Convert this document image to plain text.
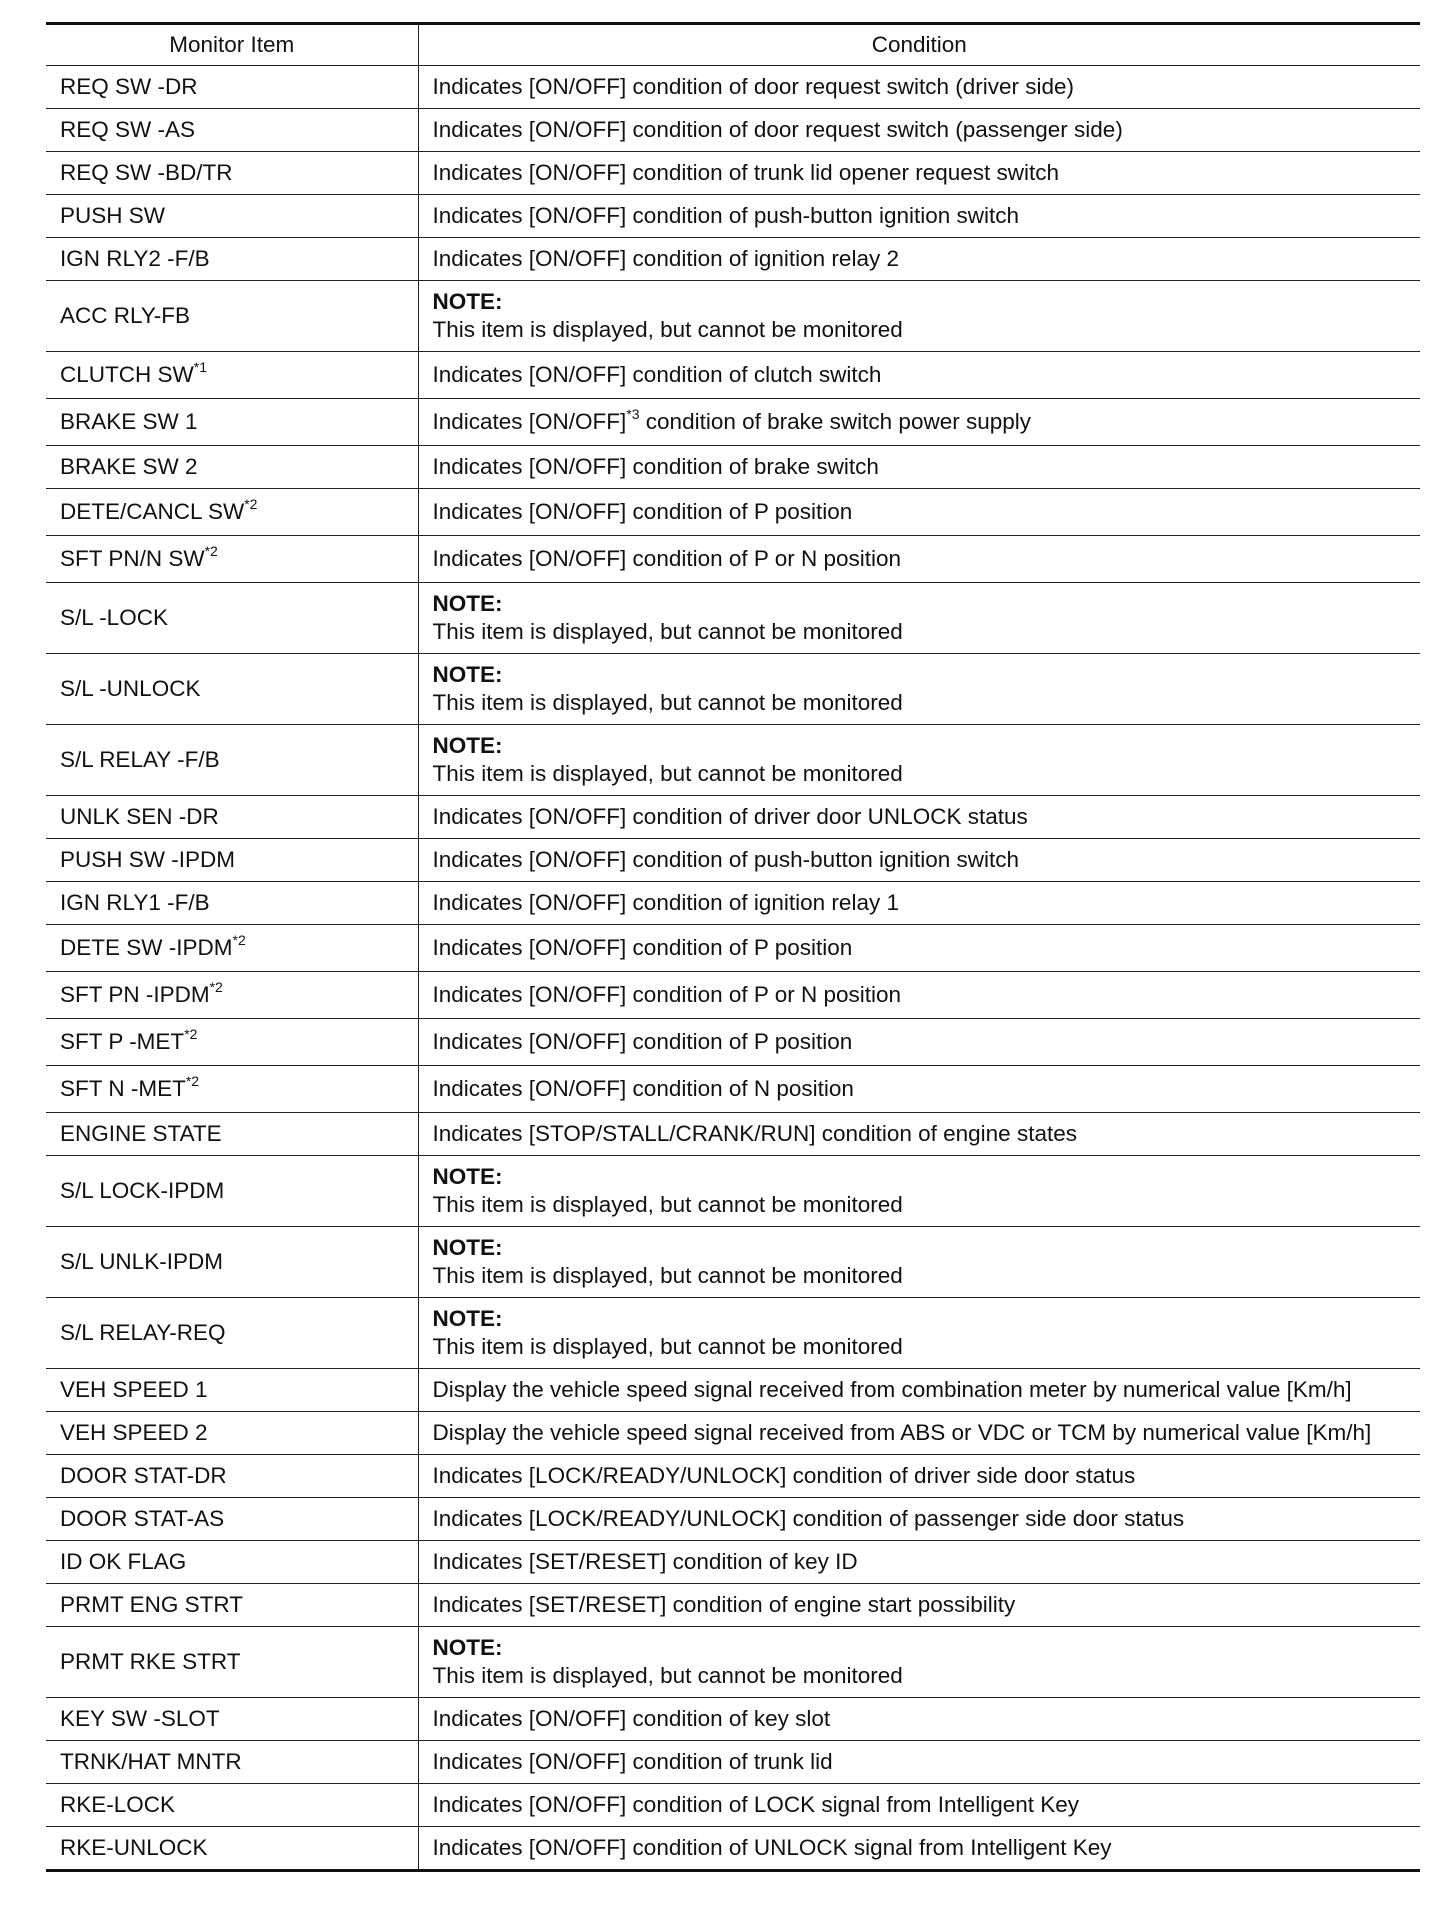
Monitor Item	Condition
REQ SW -DR	Indicates [ON/OFF] condition of door request switch (driver side)
REQ SW -AS	Indicates [ON/OFF] condition of door request switch (passenger side)
REQ SW -BD/TR	Indicates [ON/OFF] condition of trunk lid opener request switch
PUSH SW	Indicates [ON/OFF] condition of push-button ignition switch
IGN RLY2 -F/B	Indicates [ON/OFF] condition of ignition relay 2
ACC RLY-FB	NOTE:
This item is displayed, but cannot be monitored

CLUTCH SW$^{*1}$	Indicates [ON/OFF] condition of clutch switch
BRAKE SW 1	Indicates $[ON/OFF]^{*3}$ condition of brake switch power supply
BRAKE SW 2	Indicates [ON/OFF] condition of brake switch
DETE/CANCL SW$^{*2}$	Indicates [ON/OFF] condition of P position
SFT PN/N SW$^{*2}$	Indicates [ON/OFF] condition of P or N position
S/L -LOCK	NOTE:
This item is displayed, but cannot be monitored

S/L -UNLOCK	NOTE:
This item is displayed, but cannot be monitored

S/L RELAY -F/B	NOTE:
This item is displayed, but cannot be monitored

UNLK SEN -DR	Indicates [ON/OFF] condition of driver door UNLOCK status
PUSH SW -IPDM	Indicates [ON/OFF] condition of push-button ignition switch
IGN RLY1 -F/B	Indicates [ON/OFF] condition of ignition relay 1
DETE SW -IPDM$^{*2}$	Indicates [ON/OFF] condition of P position
SFT PN -IPDM$^{*2}$	Indicates [ON/OFF] condition of P or N position
SFT P -MET$^{*2}$	Indicates [ON/OFF] condition of P position
SFT N -MET$^{*2}$	Indicates [ON/OFF] condition of N position
ENGINE STATE	Indicates [STOP/STALL/CRANK/RUN] condition of engine states
S/L LOCK-IPDM	NOTE:
This item is displayed, but cannot be monitored

S/L UNLK-IPDM	NOTE:
This item is displayed, but cannot be monitored

S/L RELAY-REQ	NOTE:
This item is displayed, but cannot be monitored

VEH SPEED 1	Display the vehicle speed signal received from combination meter by numerical value [Km/h]
VEH SPEED 2	Display the vehicle speed signal received from ABS or VDC or TCM by numerical value [Km/h]
DOOR STAT-DR	Indicates [LOCK/READY/UNLOCK] condition of driver side door status
DOOR STAT-AS	Indicates [LOCK/READY/UNLOCK] condition of passenger side door status
ID OK FLAG	Indicates [SET/RESET] condition of key ID
PRMT ENG STRT	Indicates [SET/RESET] condition of engine start possibility
PRMT RKE STRT	NOTE:
This item is displayed, but cannot be monitored

KEY SW -SLOT	Indicates [ON/OFF] condition of key slot
TRNK/HAT MNTR	Indicates [ON/OFF] condition of trunk lid
RKE-LOCK	Indicates [ON/OFF] condition of LOCK signal from Intelligent Key
RKE-UNLOCK	Indicates [ON/OFF] condition of UNLOCK signal from Intelligent Key
